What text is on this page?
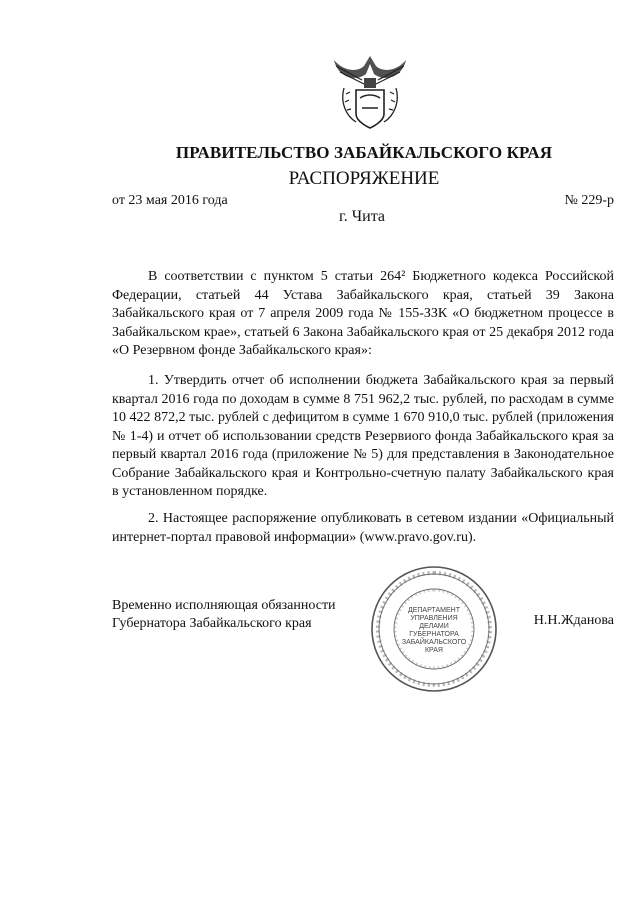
ПРАВИТЕЛЬСТВО ЗАБАЙКАЛЬСКОГО КРАЯ
РАСПОРЯЖЕНИЕ
от 23 мая 2016 года	№ 229-р
г. Чита

В соответствии с пунктом 5 статьи 264² Бюджетного кодекса Российской Федерации, статьей 44 Устава Забайкальского края, статьей 39 Закона Забайкальского края от 7 апреля 2009 года № 155-ЗЗК «О бюджетном процессе в Забайкальском крае», статьей 6 Закона Забайкальского края от 25 декабря 2012 года «О Резервном фонде Забайкальского края»:

1. Утвердить отчет об исполнении бюджета Забайкальского края за первый квартал 2016 года по доходам в сумме 8 751 962,2 тыс. рублей, по расходам в сумме 10 422 872,2 тыс. рублей с дефицитом в сумме 1 670 910,0 тыс. рублей (приложения № 1-4) и отчет об использовании средств Резервиого фонда Забайкальского края за первый квартал 2016 года (приложение № 5) для представления в Законодательное Собрание Забайкальского края и Контрольно-счетную палату Забайкальского края в установленном порядке.

2. Настоящее распоряжение опубликовать в сетевом издании «Официальный интернет-портал правовой информации» (www.pravo.gov.ru).

Временно исполняющая обязанности
Губернатора Забайкальского края
ДЕПАРТАМЕНТ
УПРАВЛЕНИЯ
ДЕЛАМИ
ГУБЕРНАТОРА
ЗАБАЙКАЛЬСКОГО
КРАЯ
Н.Н.Жданова
